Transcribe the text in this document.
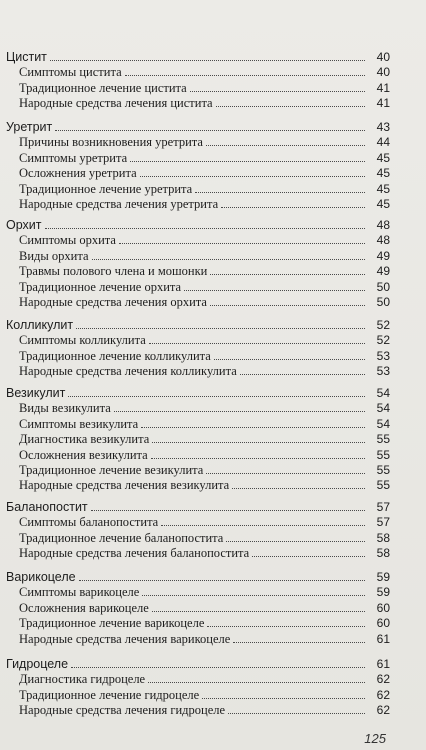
Цистит	40
Симптомы цистита	40
Традиционное лечение цистита	41
Народные средства лечения цистита	41
Уретрит	43
Причины возникновения уретрита	44
Симптомы уретрита	45
Осложнения уретрита	45
Традиционное лечение уретрита	45
Народные средства лечения уретрита	45
Орхит	48
Симптомы орхита	48
Виды орхита	49
Травмы полового члена и мошонки	49
Традиционное лечение орхита	50
Народные средства лечения орхита	50
Колликулит	52
Симптомы колликулита	52
Традиционное лечение колликулита	53
Народные средства лечения колликулита	53
Везикулит	54
Виды везикулита	54
Симптомы везикулита	54
Диагностика везикулита	55
Осложнения везикулита	55
Традиционное лечение везикулита	55
Народные средства лечения везикулита	55
Баланопостит	57
Симптомы баланопостита	57
Традиционное лечение баланопостита	58
Народные средства лечения баланопостита	58
Варикоцеле	59
Симптомы варикоцеле	59
Осложнения варикоцеле	60
Традиционное лечение варикоцеле	60
Народные средства лечения варикоцеле	61
Гидроцеле	61
Диагностика гидроцеле	62
Традиционное лечение гидроцеле	62
Народные средства лечения гидроцеле	62
125
